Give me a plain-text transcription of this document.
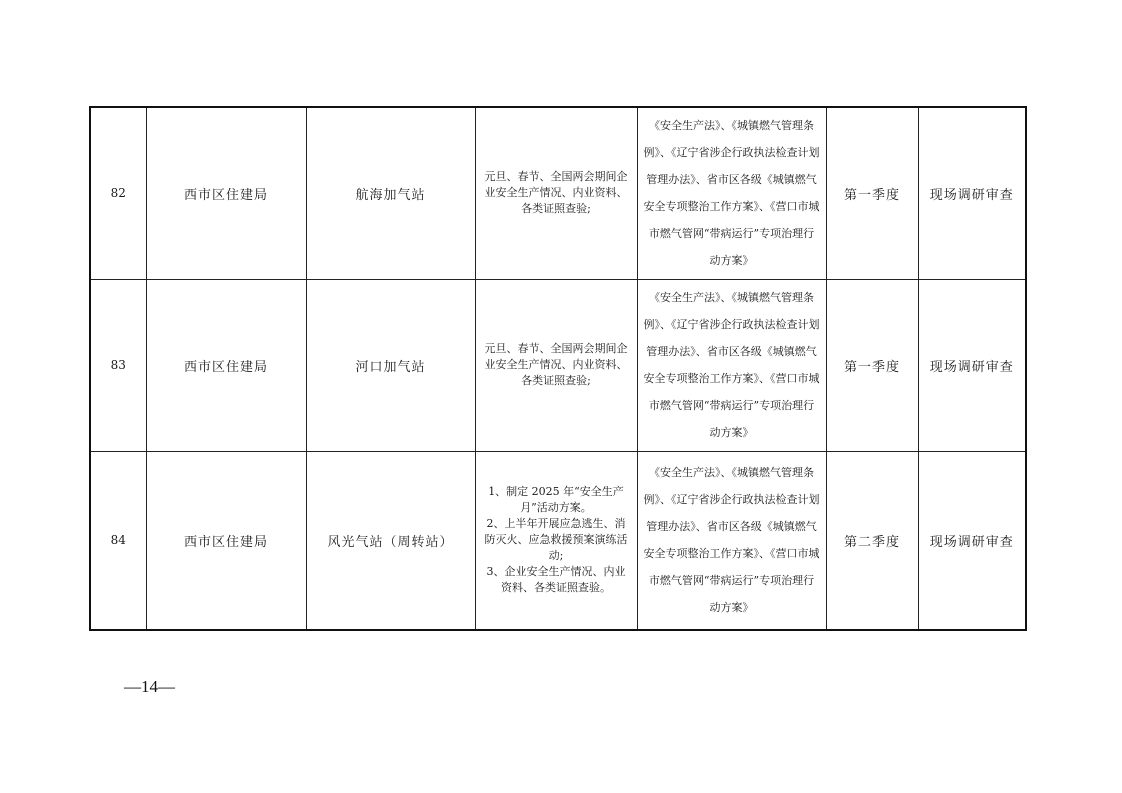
82	西市区住建局	航海加气站	元旦、春节、全国两会期间企业安全生产情况、内业资料、各类证照查验;	《安全生产法》、《城镇燃气管理条例》、《辽宁省涉企行政执法检查计划管理办法》、省市区各级《城镇燃气安全专项整治工作方案》、《营口市城市燃气管网“带病运行”专项治理行动方案》	第一季度	现场调研审查
83	西市区住建局	河口加气站	元旦、春节、全国两会期间企业安全生产情况、内业资料、各类证照查验;	《安全生产法》、《城镇燃气管理条例》、《辽宁省涉企行政执法检查计划管理办法》、省市区各级《城镇燃气安全专项整治工作方案》、《营口市城市燃气管网“带病运行”专项治理行动方案》	第一季度	现场调研审查
84	西市区住建局	风光气站（周转站）	1、制定 2025 年“安全生产月”活动方案。
2、上半年开展应急逃生、消防灭火、应急救援预案演练活动;
3、企业安全生产情况、内业资料、各类证照查验。	《安全生产法》、《城镇燃气管理条例》、《辽宁省涉企行政执法检查计划管理办法》、省市区各级《城镇燃气安全专项整治工作方案》、《营口市城市燃气管网“带病运行”专项治理行动方案》	第二季度	现场调研审查
—14—
